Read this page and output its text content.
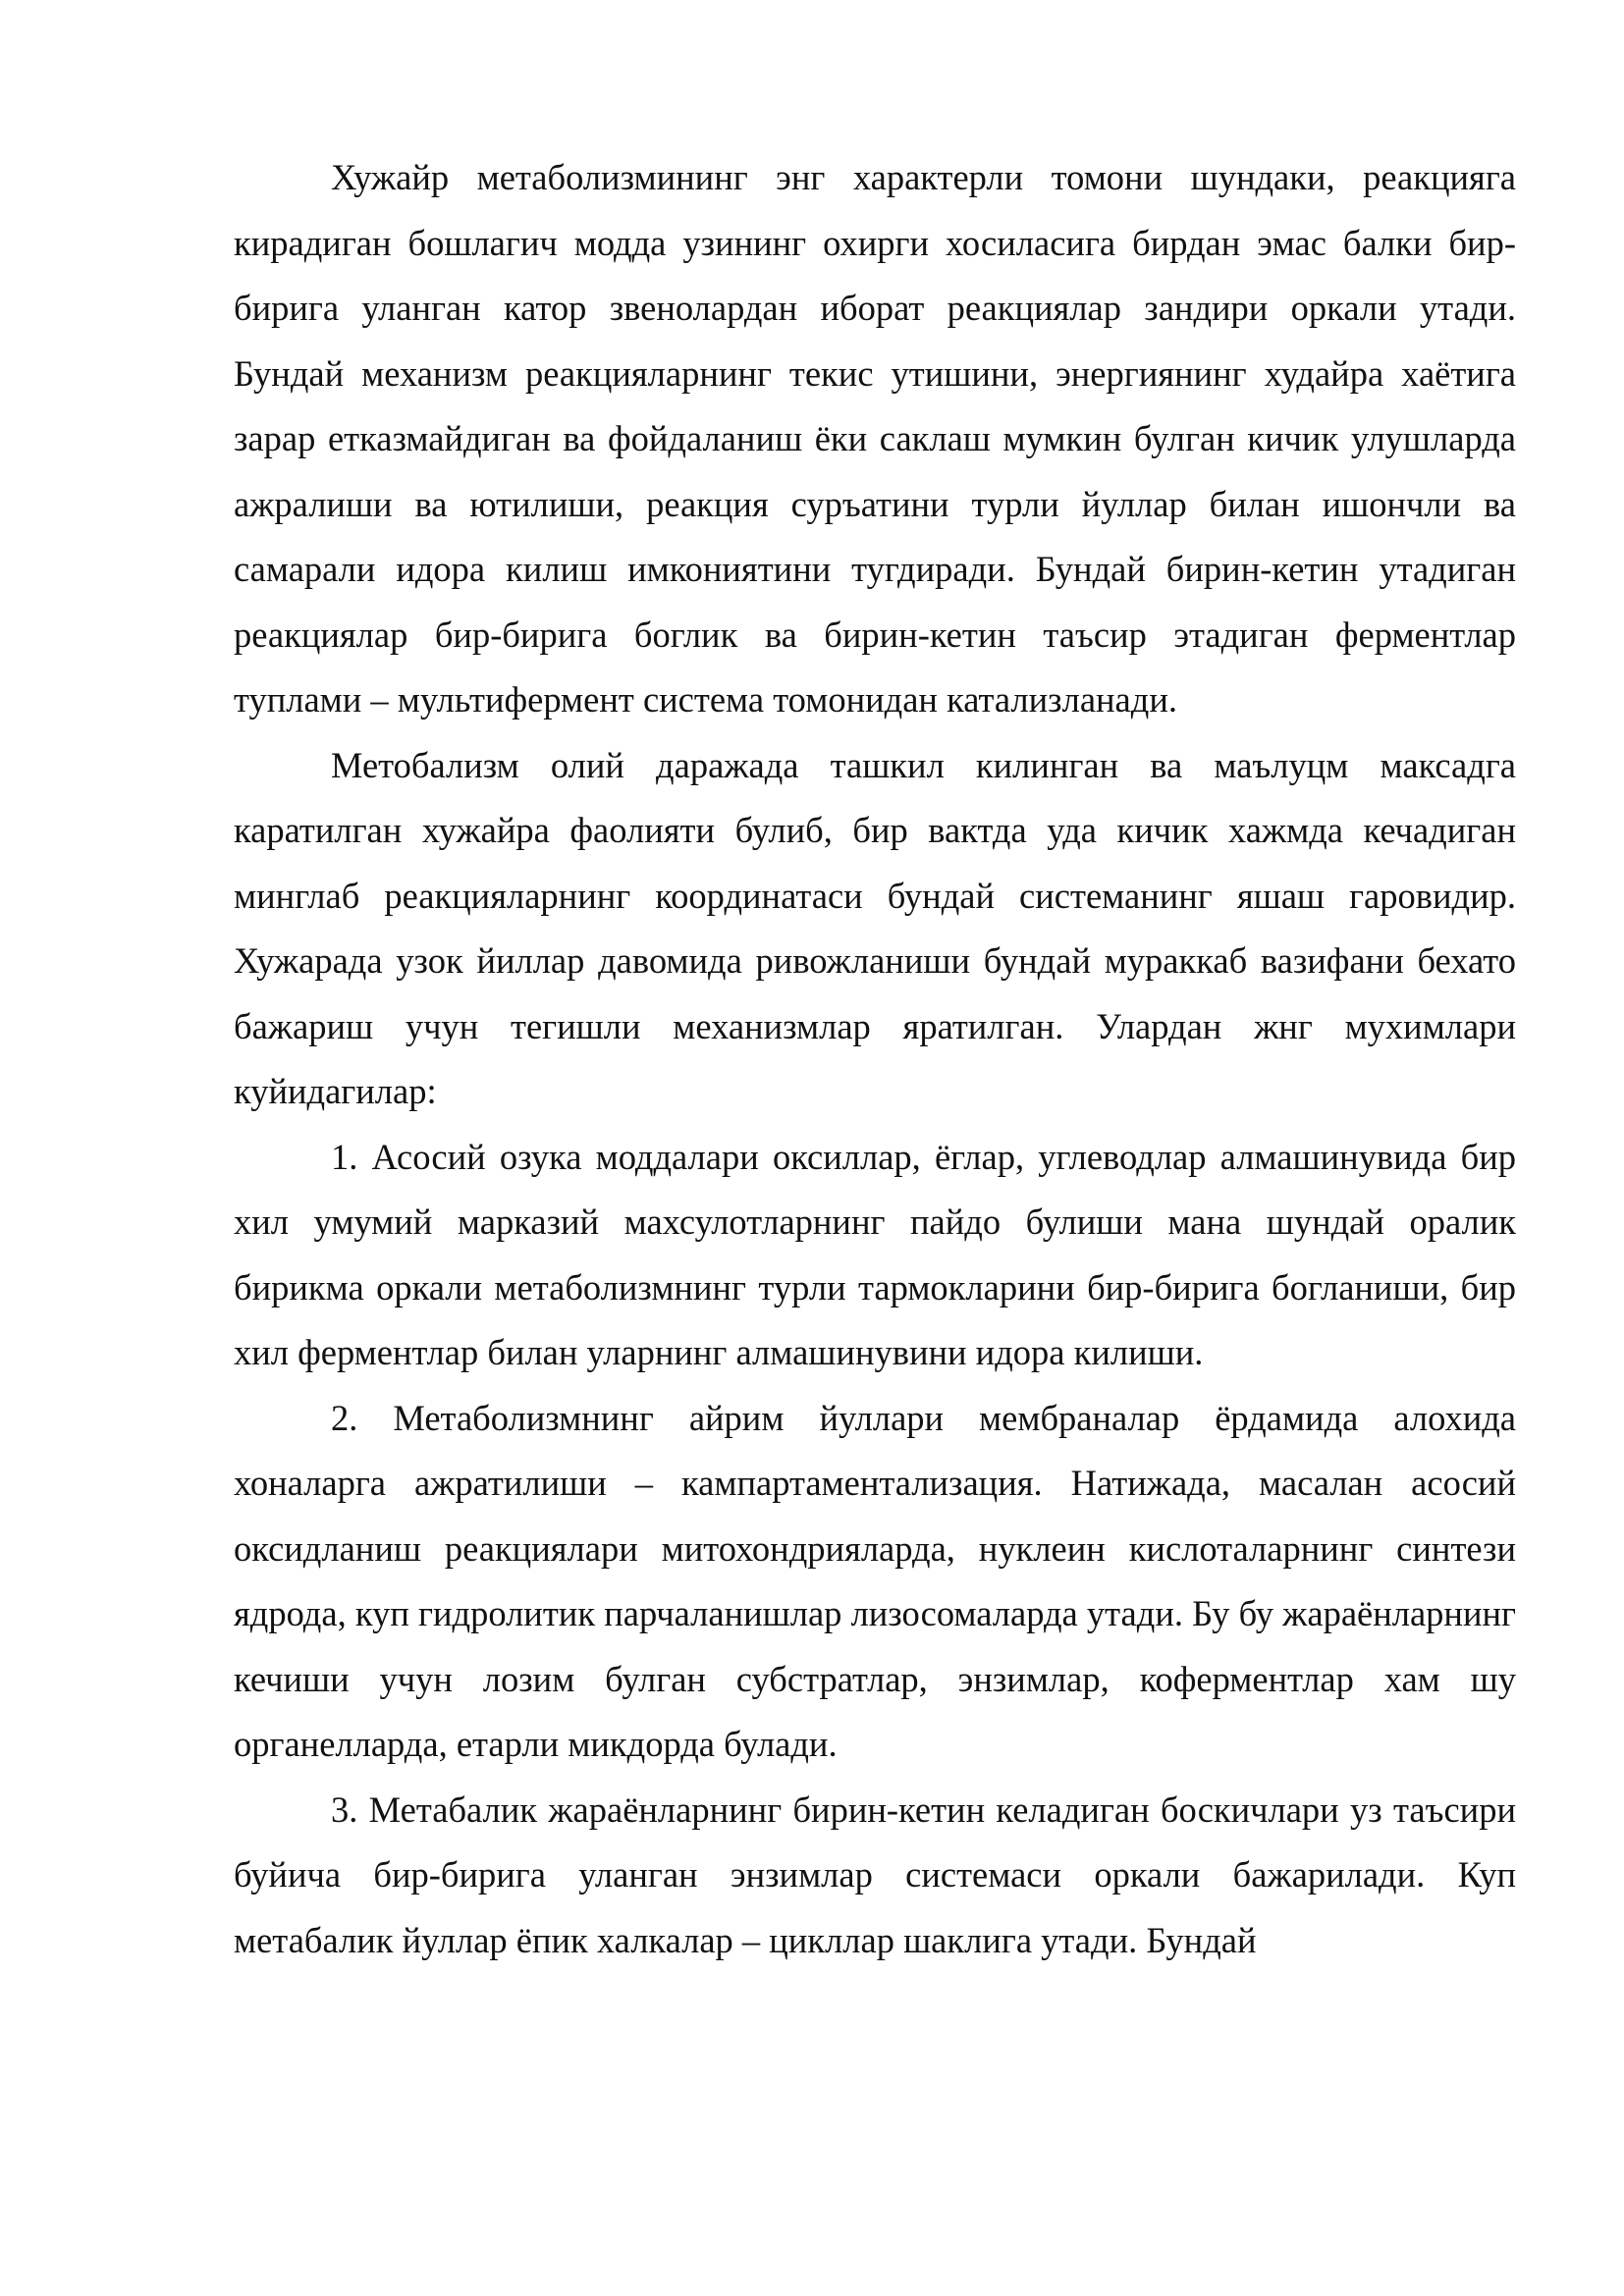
Хужайр метаболизмининг энг характерли томони шундаки, реакцияга кирадиган бошлагич модда узининг охирги хосиласига бирдан эмас балки бир-бирига уланган катор звенолардан иборат реакциялар зандири оркали утади. Бундай механизм реакцияларнинг текис утишини, энергиянинг худайра хаётига зарар етказмайдиган ва фойдаланиш ёки саклаш мумкин булган кичик улушларда ажралиши ва ютилиши, реакция суръатини турли йуллар билан ишончли ва самарали идора килиш имкониятини тугдиради. Бундай бирин-кетин утадиган реакциялар бир-бирига боглик ва бирин-кетин таъсир этадиган ферментлар туплами – мультифермент система томонидан катализланади.

Метобализм олий даражада ташкил килинган ва маълуцм максадга каратилган хужайра фаолияти булиб, бир вактда уда кичик хажмда кечадиган минглаб реакцияларнинг координатаси бундай системанинг яшаш гаровидир. Хужарада узок йиллар давомида ривожланиши бундай мураккаб вазифани бехато бажариш учун тегишли механизмлар яратилган. Улардан жнг мухимлари куйидагилар:

1. Асосий озука моддалари оксиллар, ёглар, углеводлар алмашинувида бир хил умумий марказий махсулотларнинг пайдо булиши мана шундай оралик бирикма оркали метаболизмнинг турли тармокларини бир-бирига богланиши, бир хил ферментлар билан уларнинг алмашинувини идора килиши.

2. Метаболизмнинг айрим йуллари мембраналар ёрдамида алохида хоналарга ажратилиши – кампартаментализация. Натижада, масалан асосий оксидланиш реакциялари митохондрияларда, нуклеин кислоталарнинг синтези ядрода, куп гидролитик парчаланишлар лизосомаларда утади. Бу бу жараёнларнинг кечиши учун лозим булган субстратлар, энзимлар, коферментлар хам шу органелларда, етарли микдорда булади.

3. Метабалик жараёнларнинг бирин-кетин келадиган боскичлари уз таъсири буйича бир-бирига уланган энзимлар системаси оркали бажарилади. Куп метабалик йуллар ёпик халкалар – цикллар шаклига утади. Бундай
